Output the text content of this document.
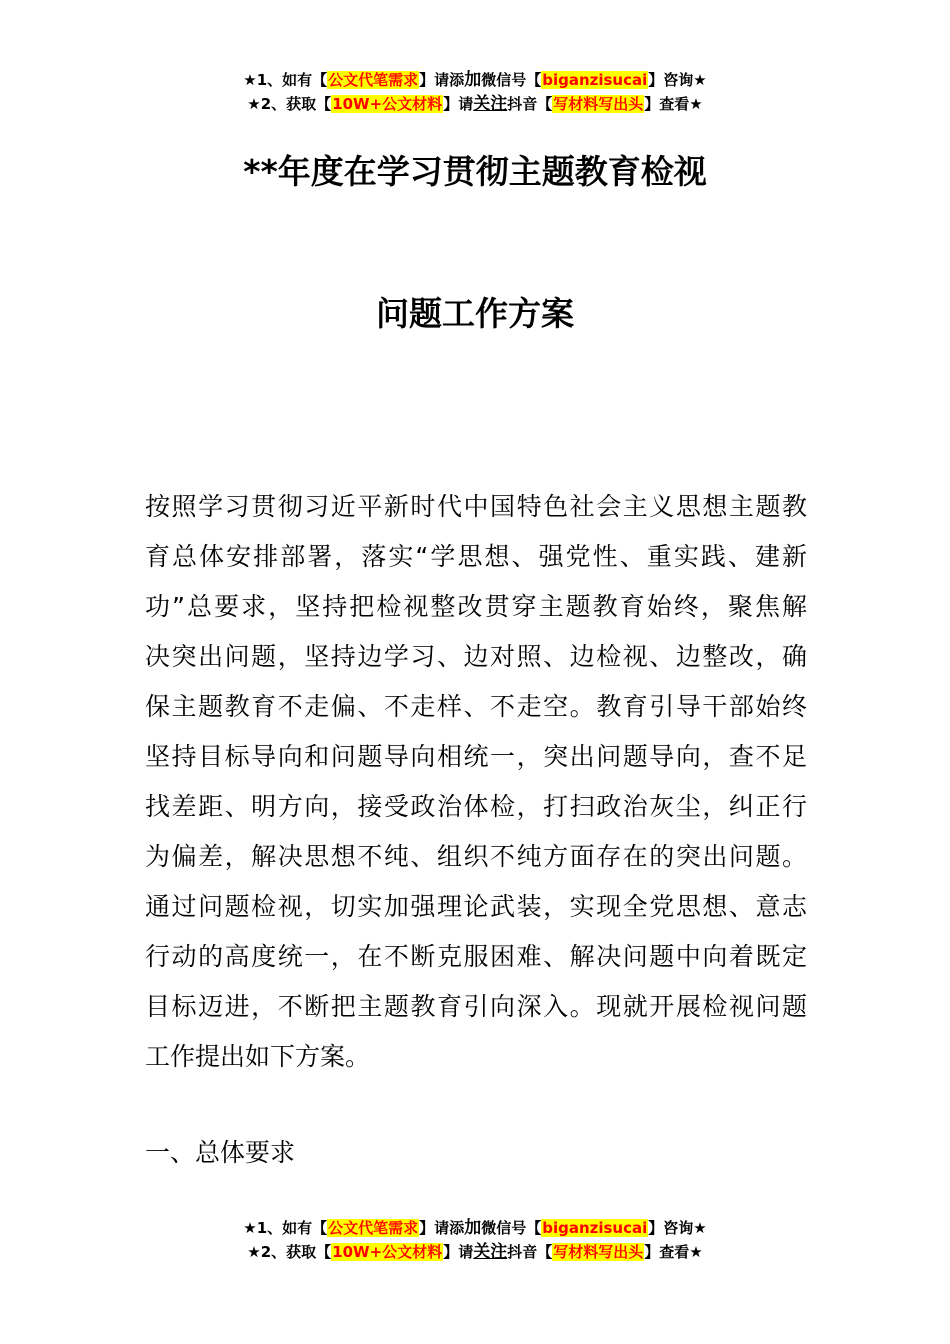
★1、如有【公文代笔需求】请添加微信号【biganzisucai】咨询★
★2、获取【10W+公文材料】请关注抖音【写材料写出头】查看★
**年度在学习贯彻主题教育检视
问题工作方案
按照学习贯彻习近平新时代中国特色社会主义思想主题教
育总体安排部署，落实“学思想、强党性、重实践、建新
功”总要求，坚持把检视整改贯穿主题教育始终，聚焦解
决突出问题，坚持边学习、边对照、边检视、边整改，确
保主题教育不走偏、不走样、不走空。教育引导干部始终
坚持目标导向和问题导向相统一，突出问题导向，查不足
找差距、明方向，接受政治体检，打扫政治灰尘，纠正行
为偏差，解决思想不纯、组织不纯方面存在的突出问题。
通过问题检视，切实加强理论武装，实现全党思想、意志
行动的高度统一，在不断克服困难、解决问题中向着既定
目标迈进，不断把主题教育引向深入。现就开展检视问题
工作提出如下方案。
一、总体要求
★1、如有【公文代笔需求】请添加微信号【biganzisucai】咨询★
★2、获取【10W+公文材料】请关注抖音【写材料写出头】查看★
